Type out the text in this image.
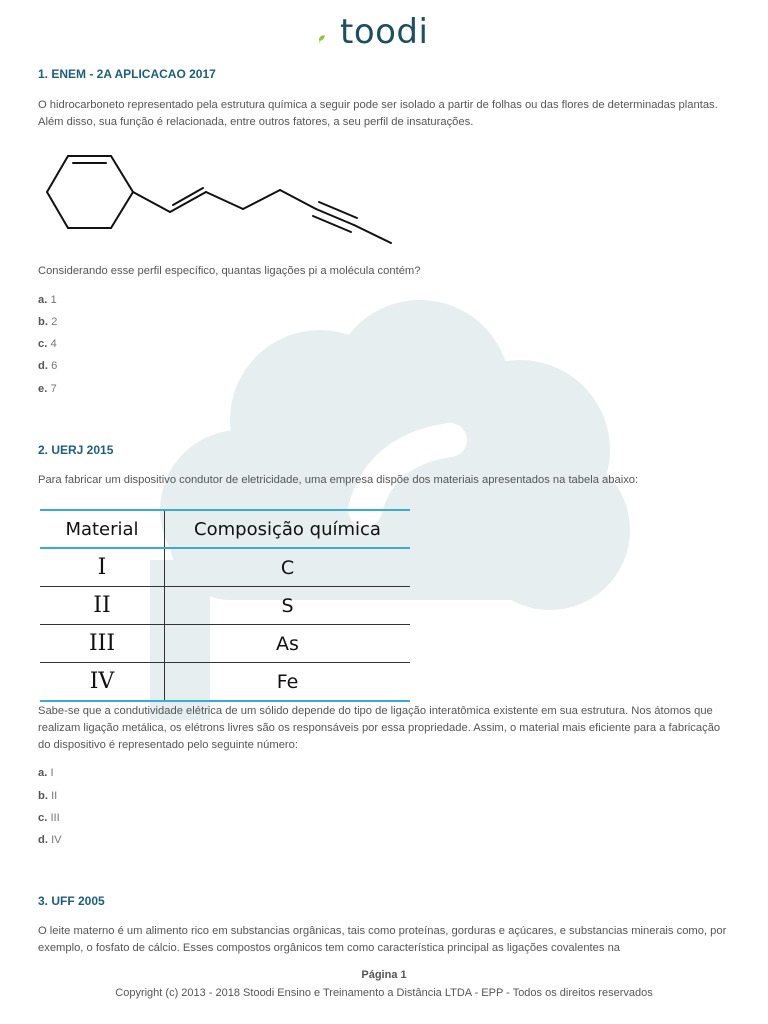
toodi
1. ENEM - 2A APLICACAO 2017
O hidrocarboneto representado pela estrutura química a seguir pode ser isolado a partir de folhas ou das flores de determinadas plantas. Além disso, sua função é relacionada, entre outros fatores, a seu perfil de insaturações.
Considerando esse perfil específico, quantas ligações pi a molécula contém?
a. 1
b. 2
c. 4
d. 6
e. 7
2. UERJ 2015
Para fabricar um dispositivo condutor de eletricidade, uma empresa dispõe dos materiais apresentados na tabela abaixo:
Material	Composição química
I	C
II	S
III	As
IV	Fe
Sabe-se que a condutividade elétrica de um sólido depende do tipo de ligação interatômica existente em sua estrutura. Nos átomos que realizam ligação metálica, os elétrons livres são os responsáveis por essa propriedade. Assim, o material mais eficiente para a fabricação do dispositivo é representado pelo seguinte número:
a. I
b. II
c. III
d. IV
3. UFF 2005
O leite materno é um alimento rico em substancias orgânicas, tais como proteínas, gorduras e açúcares, e substancias minerais como, por exemplo, o fosfato de cálcio. Esses compostos orgânicos tem como característica principal as ligações covalentes na
Página 1
Copyright (c) 2013 - 2018 Stoodi Ensino e Treinamento a Distância LTDA - EPP - Todos os direitos reservados
